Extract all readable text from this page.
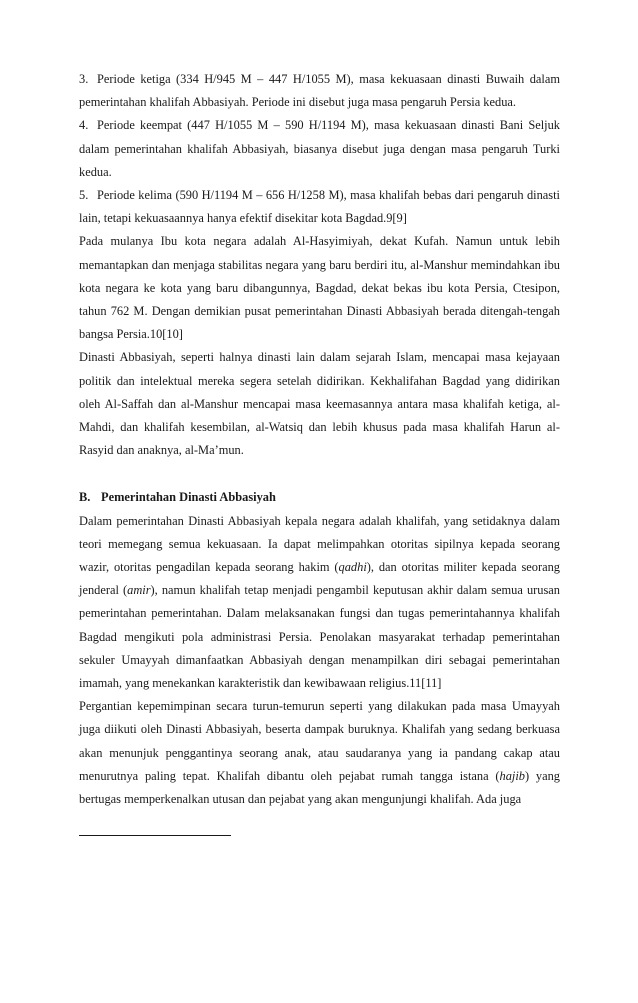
3. Periode ketiga (334 H/945 M – 447 H/1055 M), masa kekuasaan dinasti Buwaih dalam pemerintahan khalifah Abbasiyah. Periode ini disebut juga masa pengaruh Persia kedua.

4. Periode keempat (447 H/1055 M – 590 H/1194 M), masa kekuasaan dinasti Bani Seljuk dalam pemerintahan khalifah Abbasiyah, biasanya disebut juga dengan masa pengaruh Turki kedua.

5. Periode kelima (590 H/1194 M – 656 H/1258 M), masa khalifah bebas dari pengaruh dinasti lain, tetapi kekuasaannya hanya efektif disekitar kota Bagdad.9[9]

Pada mulanya Ibu kota negara adalah Al-Hasyimiyah, dekat Kufah. Namun untuk lebih memantapkan dan menjaga stabilitas negara yang baru berdiri itu, al-Manshur memindahkan ibu kota negara ke kota yang baru dibangunnya, Bagdad, dekat bekas ibu kota Persia, Ctesipon, tahun 762 M. Dengan demikian pusat pemerintahan Dinasti Abbasiyah berada ditengah-tengah bangsa Persia.10[10]

Dinasti Abbasiyah, seperti halnya dinasti lain dalam sejarah Islam, mencapai masa kejayaan politik dan intelektual mereka segera setelah didirikan. Kekhalifahan Bagdad yang didirikan oleh Al-Saffah dan al-Manshur mencapai masa keemasannya antara masa khalifah ketiga, al-Mahdi, dan khalifah kesembilan, al-Watsiq dan lebih khusus pada masa khalifah Harun al-Rasyid dan anaknya, al-Ma’mun.

B. Pemerintahan Dinasti Abbasiyah

Dalam pemerintahan Dinasti Abbasiyah kepala negara adalah khalifah, yang setidaknya dalam teori memegang semua kekuasaan. Ia dapat melimpahkan otoritas sipilnya kepada seorang wazir, otoritas pengadilan kepada seorang hakim (qadhi), dan otoritas militer kepada seorang jenderal (amir), namun khalifah tetap menjadi pengambil keputusan akhir dalam semua urusan pemerintahan pemerintahan. Dalam melaksanakan fungsi dan tugas pemerintahannya khalifah Bagdad mengikuti pola administrasi Persia. Penolakan masyarakat terhadap pemerintahan sekuler Umayyah dimanfaatkan Abbasiyah dengan menampilkan diri sebagai pemerintahan imamah, yang menekankan karakteristik dan kewibawaan religius.11[11]

Pergantian kepemimpinan secara turun-temurun seperti yang dilakukan pada masa Umayyah juga diikuti oleh Dinasti Abbasiyah, beserta dampak buruknya. Khalifah yang sedang berkuasa akan menunjuk penggantinya seorang anak, atau saudaranya yang ia pandang cakap atau menurutnya paling tepat. Khalifah dibantu oleh pejabat rumah tangga istana (hajib) yang bertugas memperkenalkan utusan dan pejabat yang akan mengunjungi khalifah. Ada juga
